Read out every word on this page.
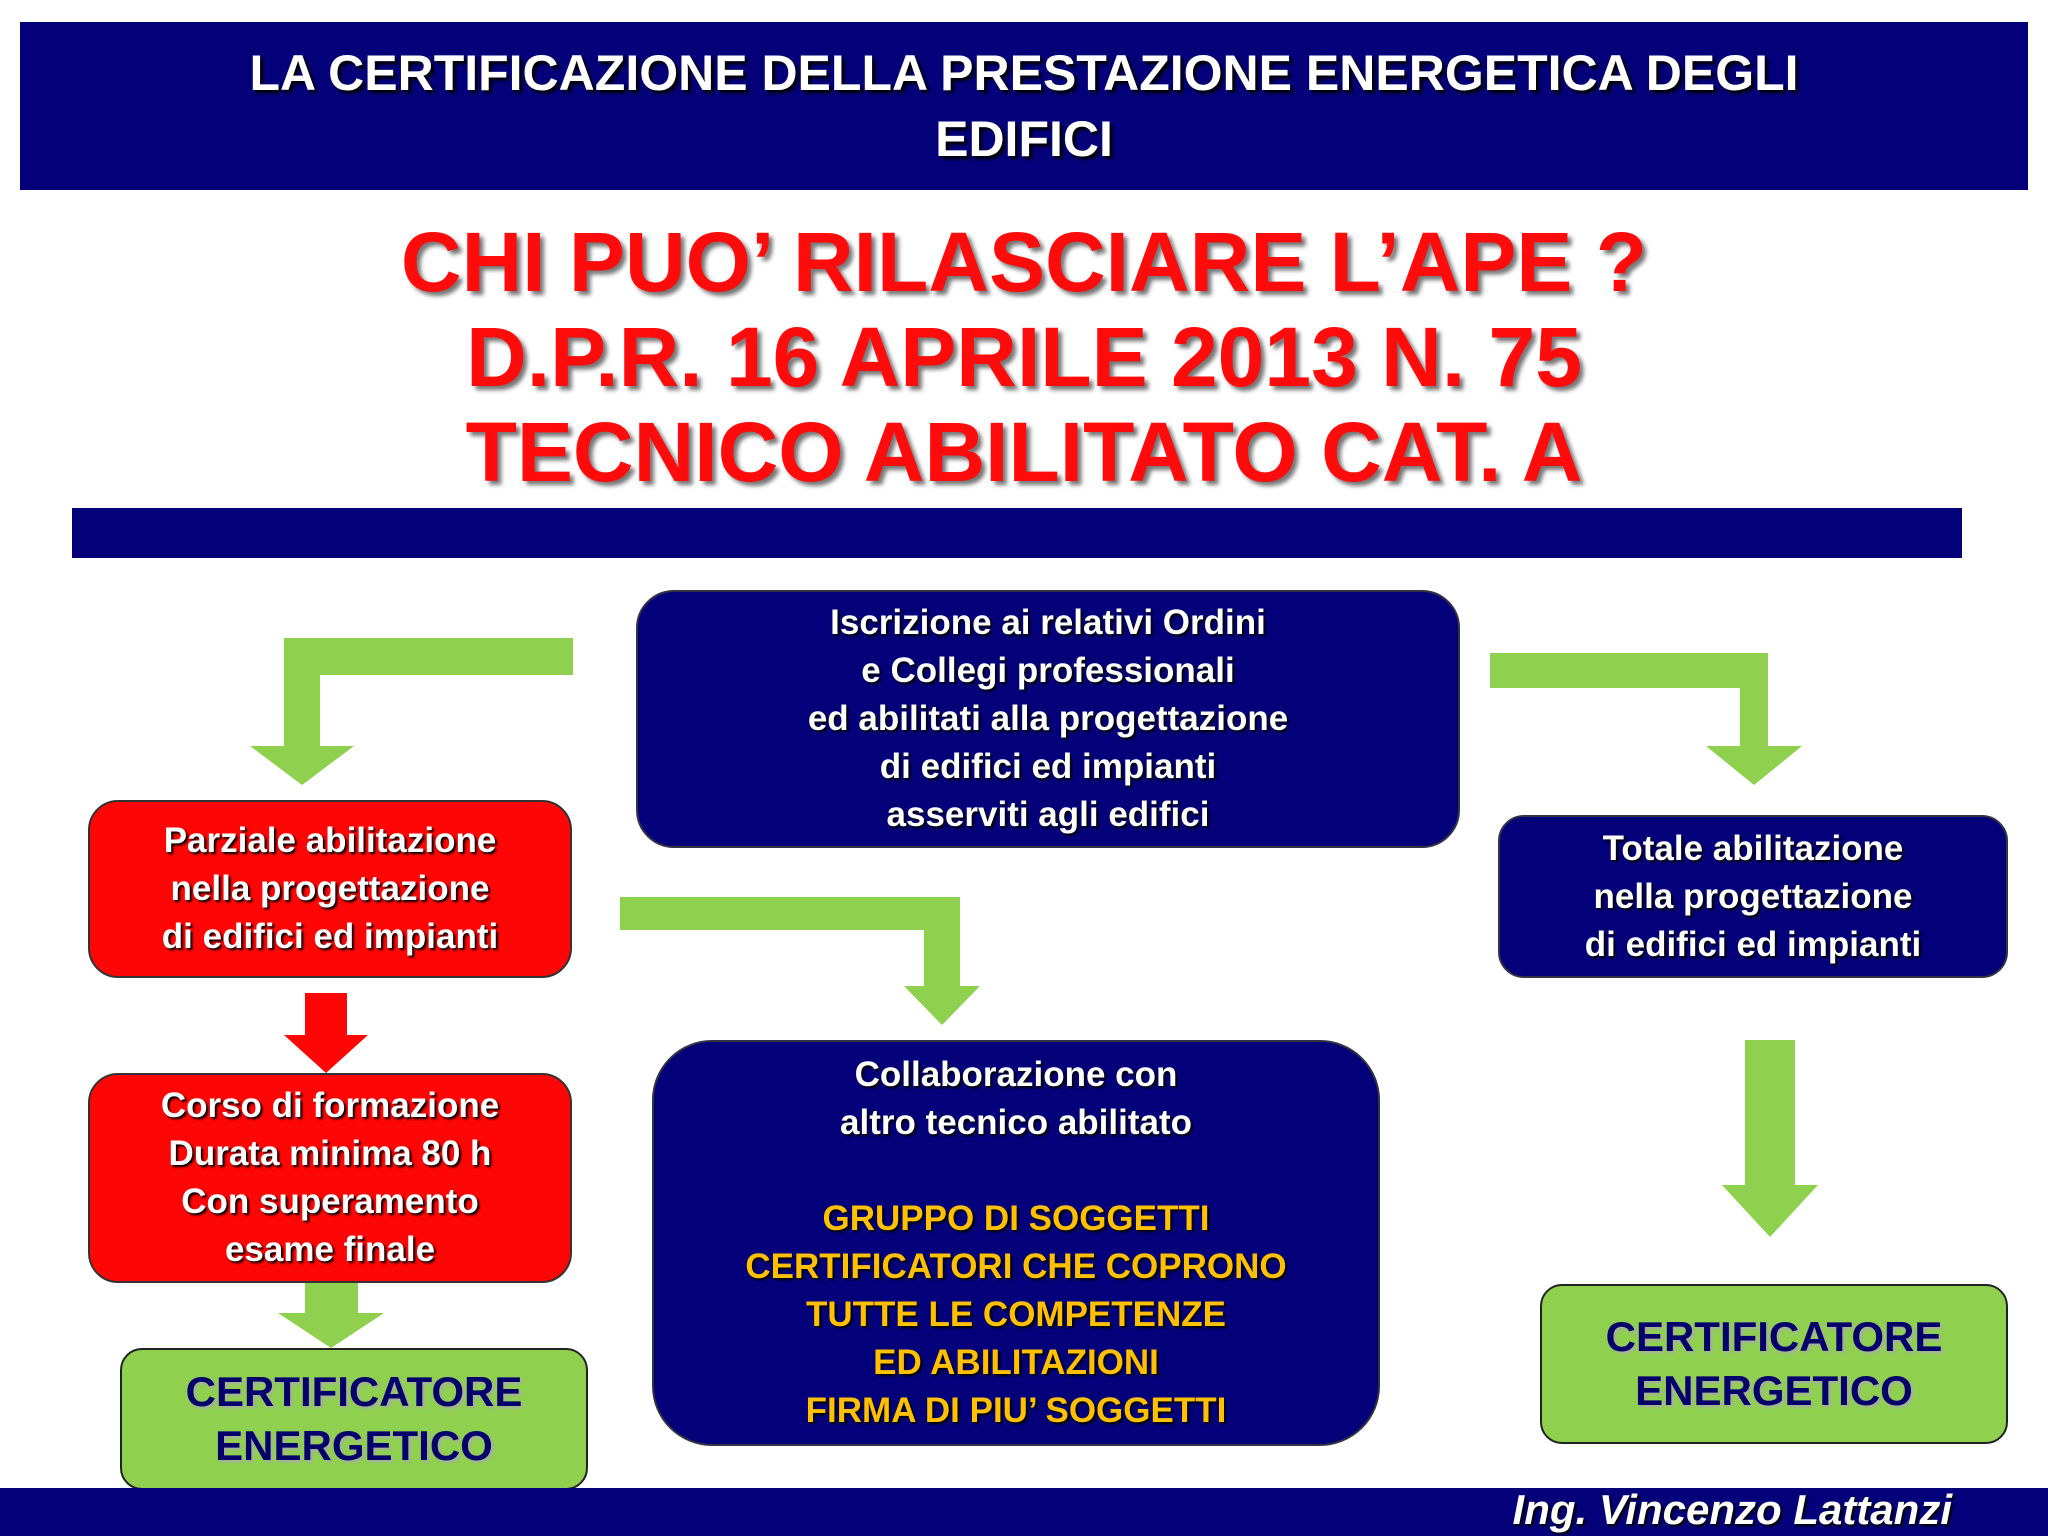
LA CERTIFICAZIONE DELLA PRESTAZIONE ENERGETICA DEGLI
EDIFICI
CHI PUO’ RILASCIARE L’APE ?
D.P.R. 16 APRILE 2013 N. 75
TECNICO ABILITATO CAT. A
Iscrizione ai relativi Ordini
e Collegi professionali
ed abilitati alla progettazione
di edifici ed impianti
asserviti agli edifici
Parziale abilitazione
nella progettazione
di edifici ed impianti
Corso di formazione
Durata minima 80 h
Con superamento
esame finale
CERTIFICATORE
ENERGETICO
Collaborazione con
altro tecnico abilitato
GRUPPO DI SOGGETTI
CERTIFICATORI CHE COPRONO
TUTTE LE COMPETENZE
ED ABILITAZIONI
FIRMA DI PIU’ SOGGETTI
Totale abilitazione
nella progettazione
di edifici ed impianti
CERTIFICATORE
ENERGETICO
Ing. Vincenzo Lattanzi
